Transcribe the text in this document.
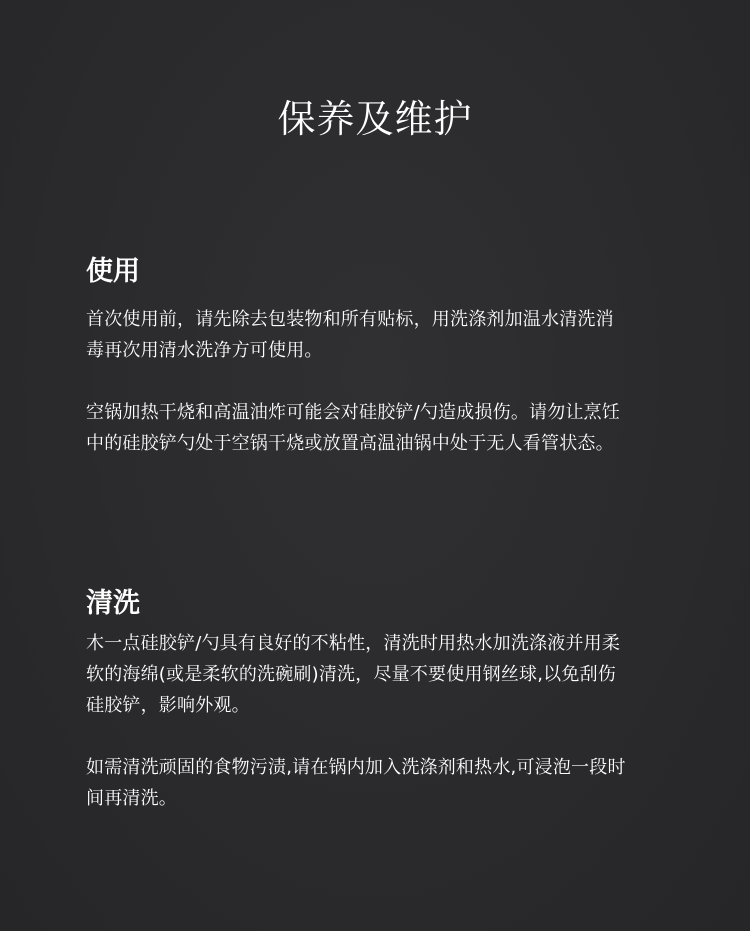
保养及维护
使用

首次使用前，请先除去包装物和所有贴标，用洗涤剂加温水清洗消
毒再次用清水洗净方可使用。

空锅加热干烧和高温油炸可能会对硅胶铲/勺造成损伤。请勿让烹饪
中的硅胶铲勺处于空锅干烧或放置高温油锅中处于无人看管状态。

清洗

木一点硅胶铲/勺具有良好的不粘性，清洗时用热水加洗涤液并用柔
软的海绵(或是柔软的洗碗刷)清洗，尽量不要使用钢丝球,以免刮伤
硅胶铲，影响外观。

如需清洗顽固的食物污渍,请在锅内加入洗涤剂和热水,可浸泡一段时
间再清洗。
